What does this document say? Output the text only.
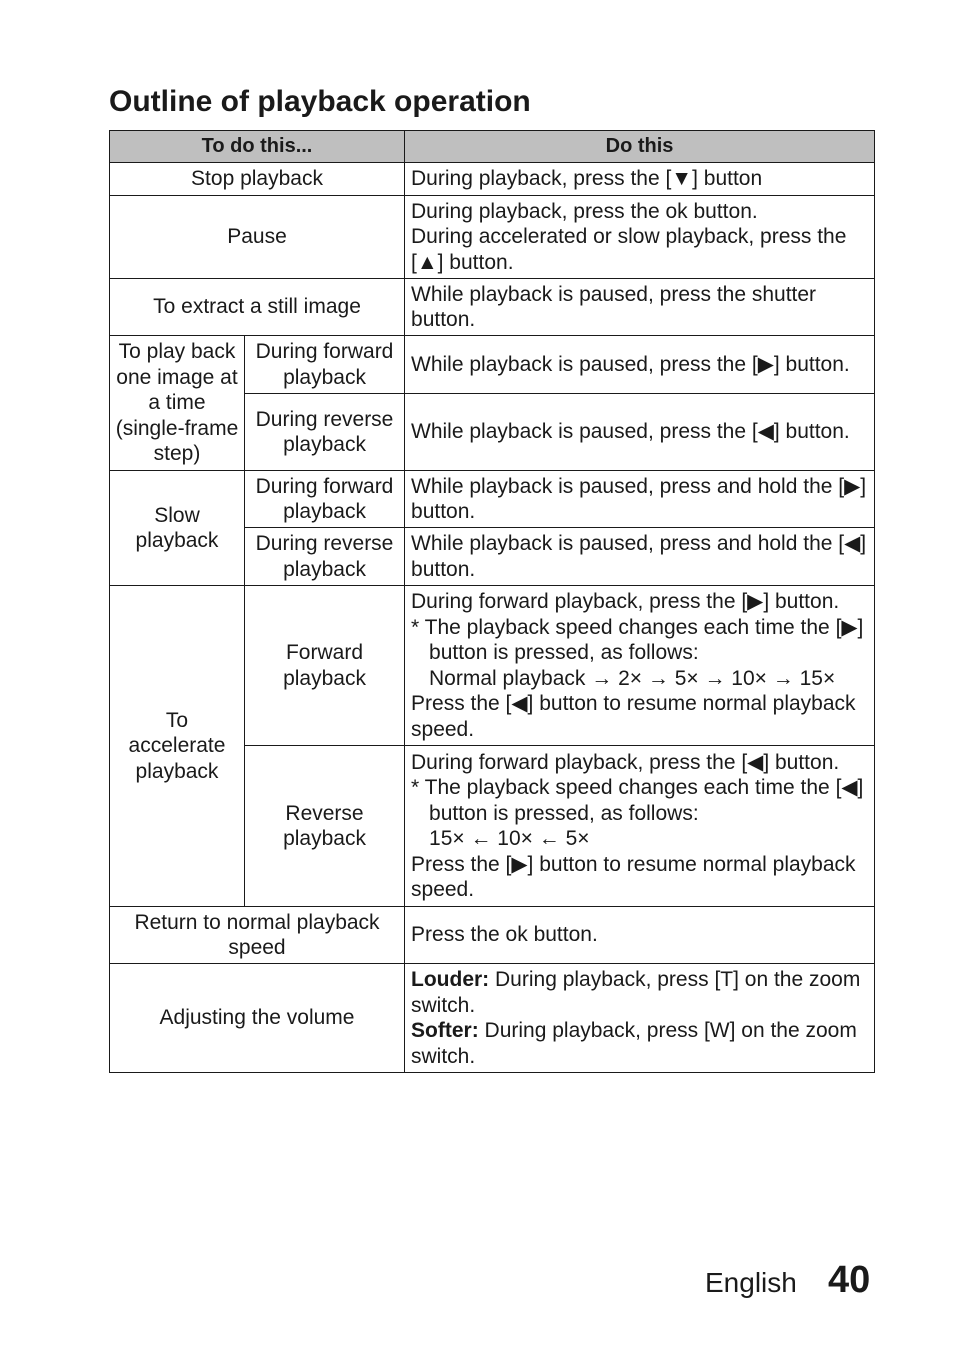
Outline of playback operation
To do this...		Do this
Stop playback		During playback, press the [▼] button
Pause		During playback, press the ok button.
During accelerated or slow playback, press the [▲] button.

To extract a still image		While playback is paused, press the shutter button.
To play back one image at a time (single-frame step)	During forward playback	While playback is paused, press the [▶] button.
	During reverse playback	While playback is paused, press the [◀] button.
Slow playback	During forward playback	While playback is paused, press and hold the [▶] button.
	During reverse playback	While playback is paused, press and hold the [◀] button.
To accelerate playback	Forward playback	During forward playback, press the [▶] button.
* The playback speed changes each time the [▶] button is pressed, as follows:
Normal playback → 2× → 5× → 10× → 15×
Press the [◀] button to resume normal playback speed.

	Reverse playback	During forward playback, press the [◀] button.
* The playback speed changes each time the [◀] button is pressed, as follows:
15× ← 10× ← 5×
Press the [▶] button to resume normal playback speed.

Return to normal playback speed		Press the ok button.
Adjusting the volume		Louder: During playback, press [T] on the zoom switch.
Softer: During playback, press [W] on the zoom switch.
English 40
